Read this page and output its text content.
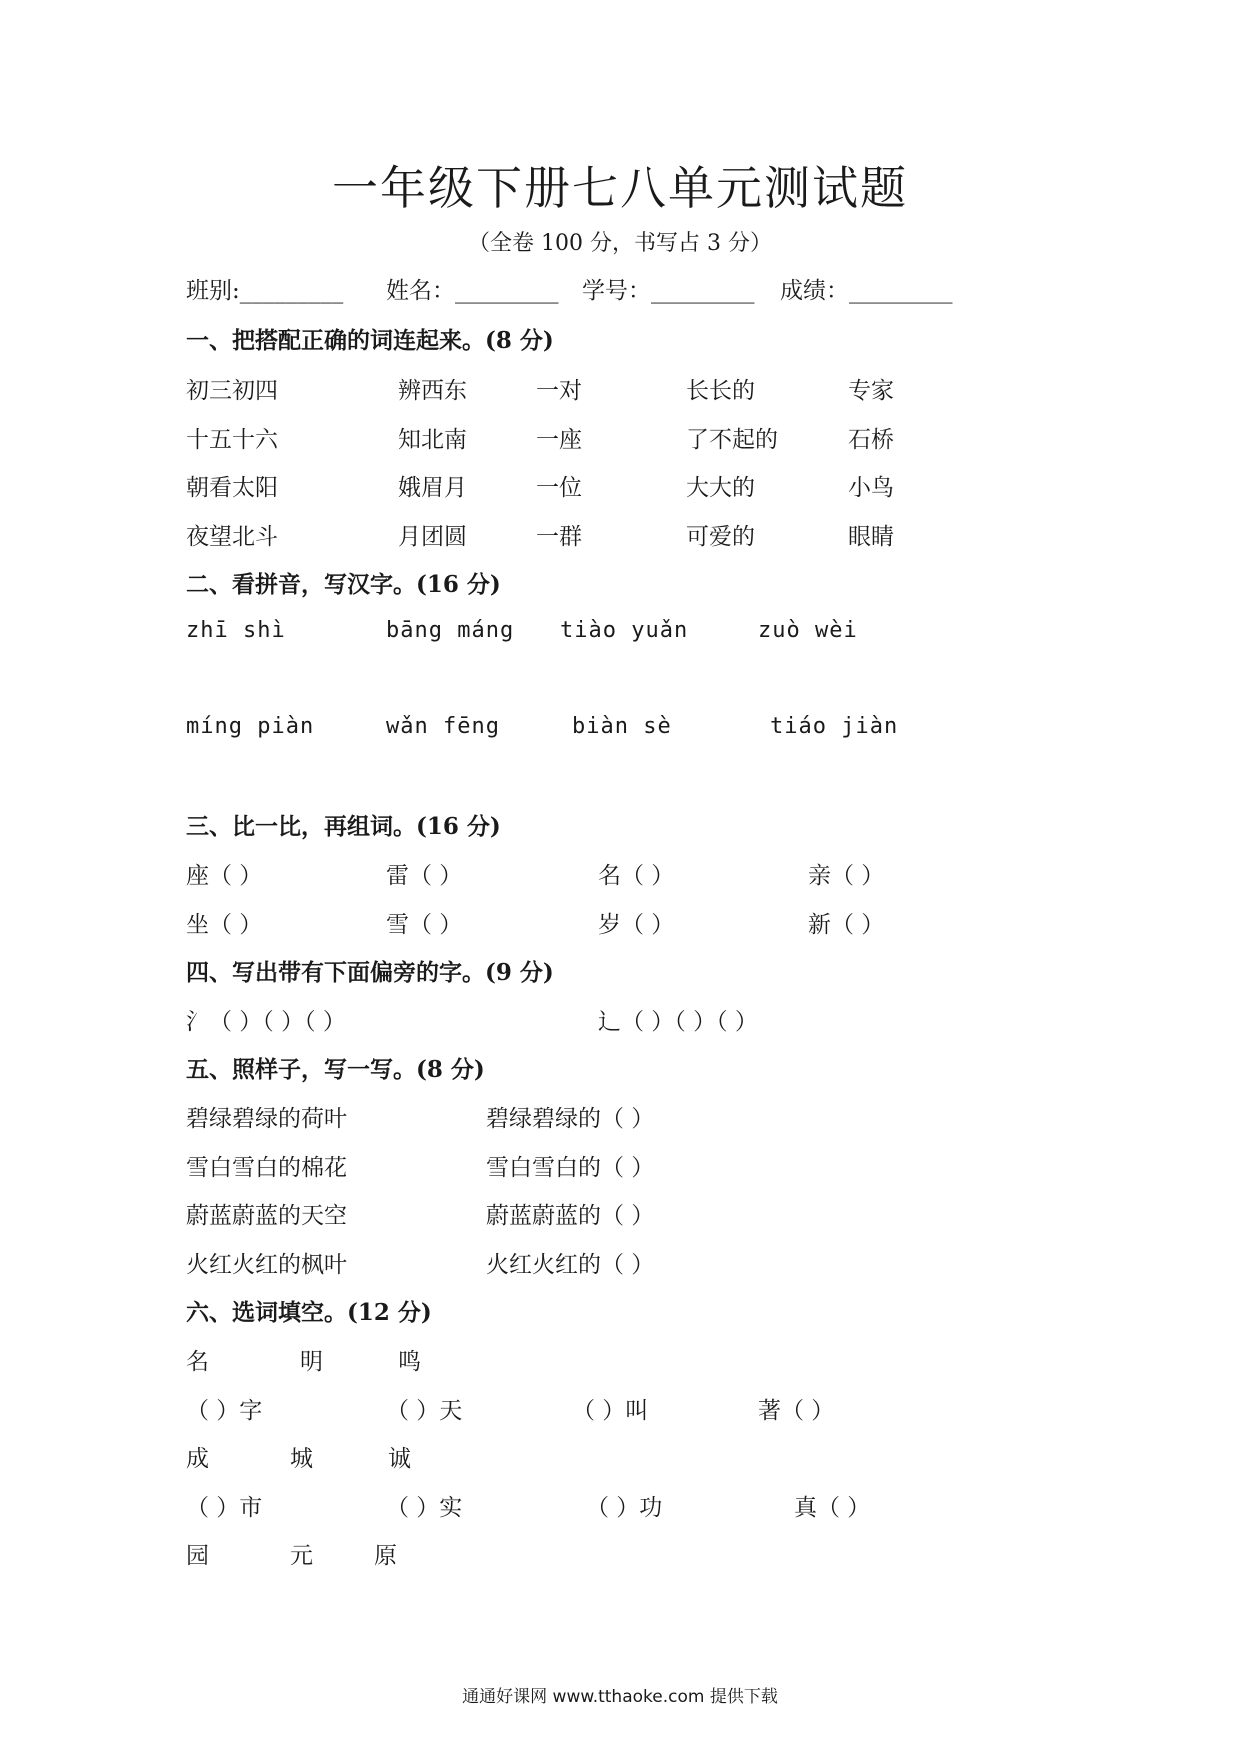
一年级下册七八单元测试题
（全卷 100 分，书写占 3 分）
班别:_________ 姓名：_________ 学号：_________ 成绩：_________
一、把搭配正确的词连起来。(8 分)
初三初四	辨西东	一对	长长的	专家
十五十六	知北南	一座	了不起的	石桥
朝看太阳	娥眉月	一位	大大的	小鸟
夜望北斗	月团圆	一群	可爱的	眼睛
二、看拼音，写汉字。(16 分)
zhī shì	bāng máng tiào yuǎn	zuò wèi
míng piàn	wǎn fēng	biàn sè	tiáo jiàn
三、比一比，再组词。(16 分)
座（ ）	雷（ ）	名（ ）	亲（ ）
坐（ ）	雪（ ）	岁（ ）	新（ ）
四、写出带有下面偏旁的字。(9 分)
氵（ ）（ ）（ ）	辶（ ）（ ）（ ）
五、照样子，写一写。(8 分)
碧绿碧绿的荷叶	碧绿碧绿的（ ）
雪白雪白的棉花	雪白雪白的（ ）
蔚蓝蔚蓝的天空	蔚蓝蔚蓝的（ ）
火红火红的枫叶	火红火红的（ ）
六、选词填空。(12 分)
名	明	鸣
（ ）字	（ ）天	（ ）叫	著（ ）
成	城	诚
（ ）市	（ ）实	（ ）功	真（ ）
园	元	原
通通好课网 www.tthaoke.com 提供下载
